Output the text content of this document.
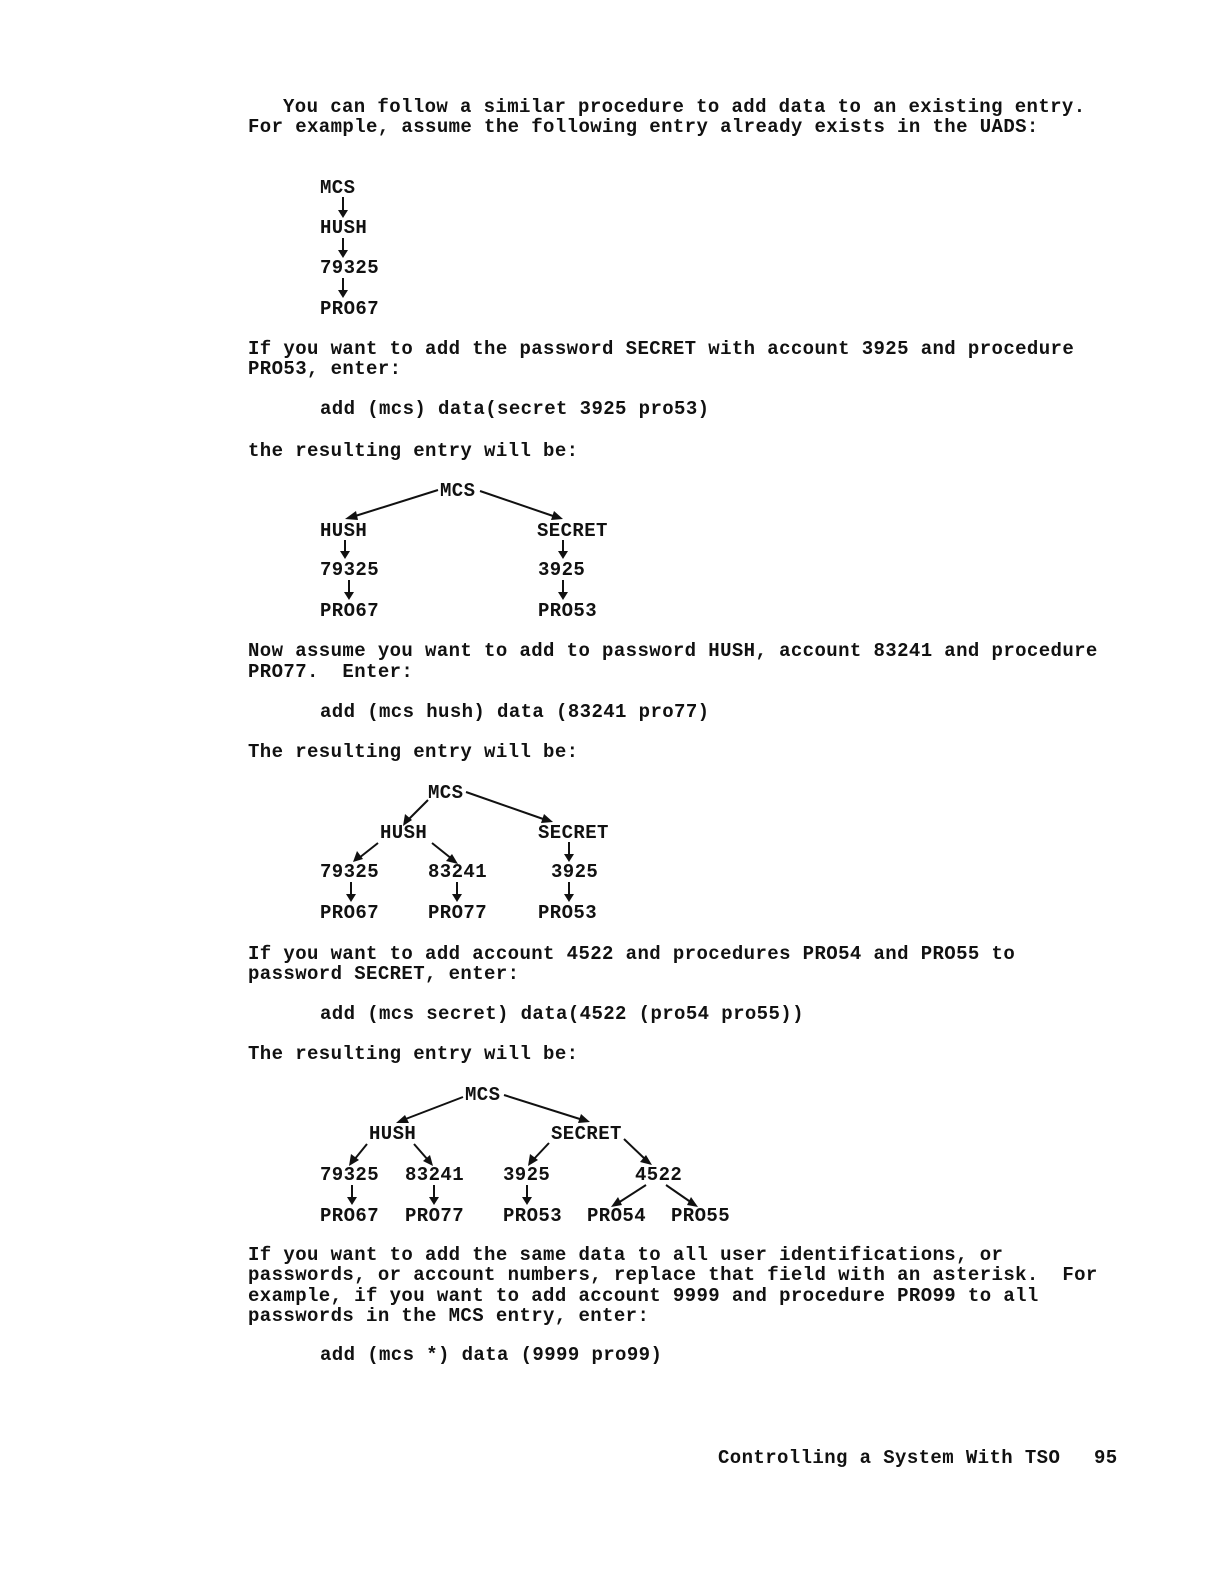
You can follow a similar procedure to add data to an existing entry.
For example, assume the following entry already exists in the UADS:
MCS
HUSH
79325
PRO67
If you want to add the password SECRET with account 3925 and procedure
PRO53, enter:
add (mcs) data(secret 3925 pro53)
the resulting entry will be:
MCS
HUSH	SECRET
79325	3925
PRO67	PRO53
Now assume you want to add to password HUSH, account 83241 and procedure
PRO77.  Enter:
add (mcs hush) data (83241 pro77)
The resulting entry will be:
MCS
HUSH	SECRET
79325	83241	3925
PRO67	PRO77	PRO53
If you want to add account 4522 and procedures PRO54 and PRO55 to
password SECRET, enter:
add (mcs secret) data(4522 (pro54 pro55))
The resulting entry will be:
MCS
HUSH	SECRET
79325 83241 3925	4522
PRO67 PRO77 PRO53 PRO54 PRO55
If you want to add the same data to all user identifications, or
passwords, or account numbers, replace that field with an asterisk.  For
example, if you want to add account 9999 and procedure PRO99 to all
passwords in the MCS entry, enter:
add (mcs *) data (9999 pro99)
Controlling a System With TSO 95
